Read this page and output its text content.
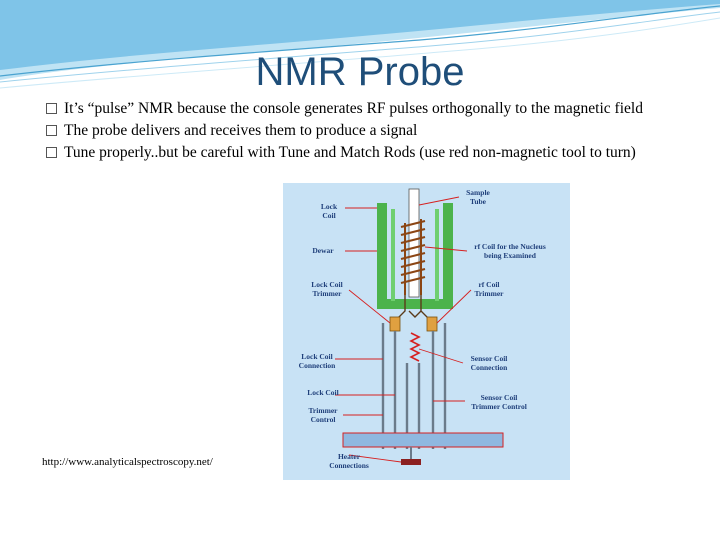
NMR Probe
It’s “pulse” NMR because the console generates RF pulses orthogonally to the magnetic field
The probe delivers and receives them to produce a signal
Tune properly..but be careful with Tune and Match Rods (use red non-magnetic tool to turn)
Lock Coil
Sample Tube
Dewar	rf Coil for the Nucleus being Examined
Lock Coil Trimmer
rf Coil Trimmer
Lock Coil Connection
Sensor Coil Connection
Lock Coil
Sensor Coil Trimmer Control
Trimmer Control
Heater Connections
http://www.analyticalspectroscopy.net/
